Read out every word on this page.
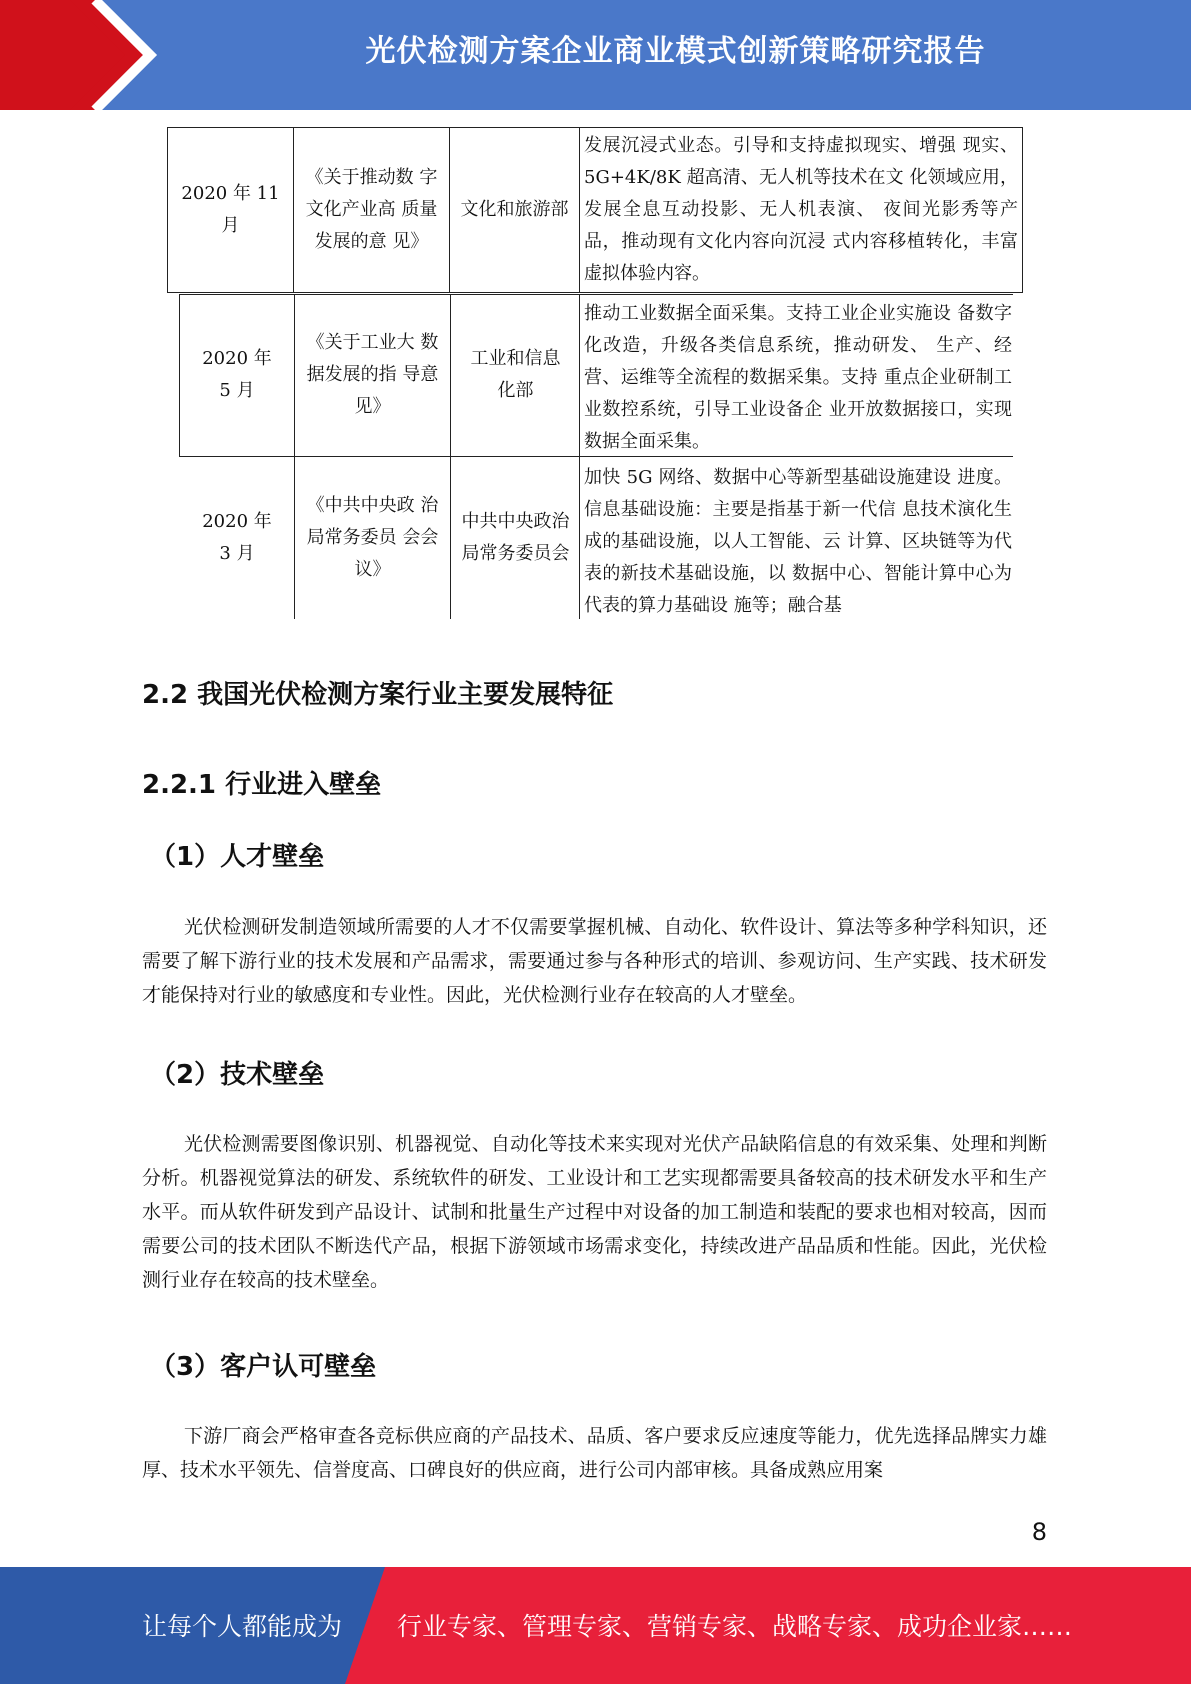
光伏检测方案企业商业模式创新策略研究报告
2020 年 11 月
《关于推动数 字文化产业高 质量发展的意 见》
文化和旅游部
发展沉浸式业态。引导和支持虚拟现实、增强 现实、5G+4K/8K 超高清、无人机等技术在文 化领域应用，发展全息互动投影、无人机表演、 夜间光影秀等产品，推动现有文化内容向沉浸 式内容移植转化，丰富虚拟体验内容。
2020 年 5 月
《关于工业大 数据发展的指 导意见》
工业和信息化部
推动工业数据全面采集。支持工业企业实施设 备数字化改造，升级各类信息系统，推动研发、 生产、经营、运维等全流程的数据采集。支持 重点企业研制工业数控系统，引导工业设备企 业开放数据接口，实现数据全面采集。
2020 年 3 月
《中共中央政 治局常务委员 会会议》
中共中央政治局常务委员会
加快 5G 网络、数据中心等新型基础设施建设 进度。信息基础设施：主要是指基于新一代信 息技术演化生成的基础设施，以人工智能、云 计算、区块链等为代表的新技术基础设施，以 数据中心、智能计算中心为代表的算力基础设 施等；融合基
2.2 我国光伏检测方案行业主要发展特征
2.2.1 行业进入壁垒
（1）人才壁垒

光伏检测研发制造领域所需要的人才不仅需要掌握机械、自动化、软件设计、算法等多种学科知识，还需要了解下游行业的技术发展和产品需求，需要通过参与各种形式的培训、参观访问、生产实践、技术研发才能保持对行业的敏感度和专业性。因此，光伏检测行业存在较高的人才壁垒。

（2）技术壁垒

光伏检测需要图像识别、机器视觉、自动化等技术来实现对光伏产品缺陷信息的有效采集、处理和判断分析。机器视觉算法的研发、系统软件的研发、工业设计和工艺实现都需要具备较高的技术研发水平和生产水平。而从软件研发到产品设计、试制和批量生产过程中对设备的加工制造和装配的要求也相对较高，因而需要公司的技术团队不断迭代产品，根据下游领域市场需求变化，持续改进产品品质和性能。因此，光伏检测行业存在较高的技术壁垒。

（3）客户认可壁垒

下游厂商会严格审查各竞标供应商的产品技术、品质、客户要求反应速度等能力，优先选择品牌实力雄厚、技术水平领先、信誉度高、口碑良好的供应商，进行公司内部审核。具备成熟应用案

8
让每个人都能成为 行业专家、管理专家、营销专家、战略专家、成功企业家……
